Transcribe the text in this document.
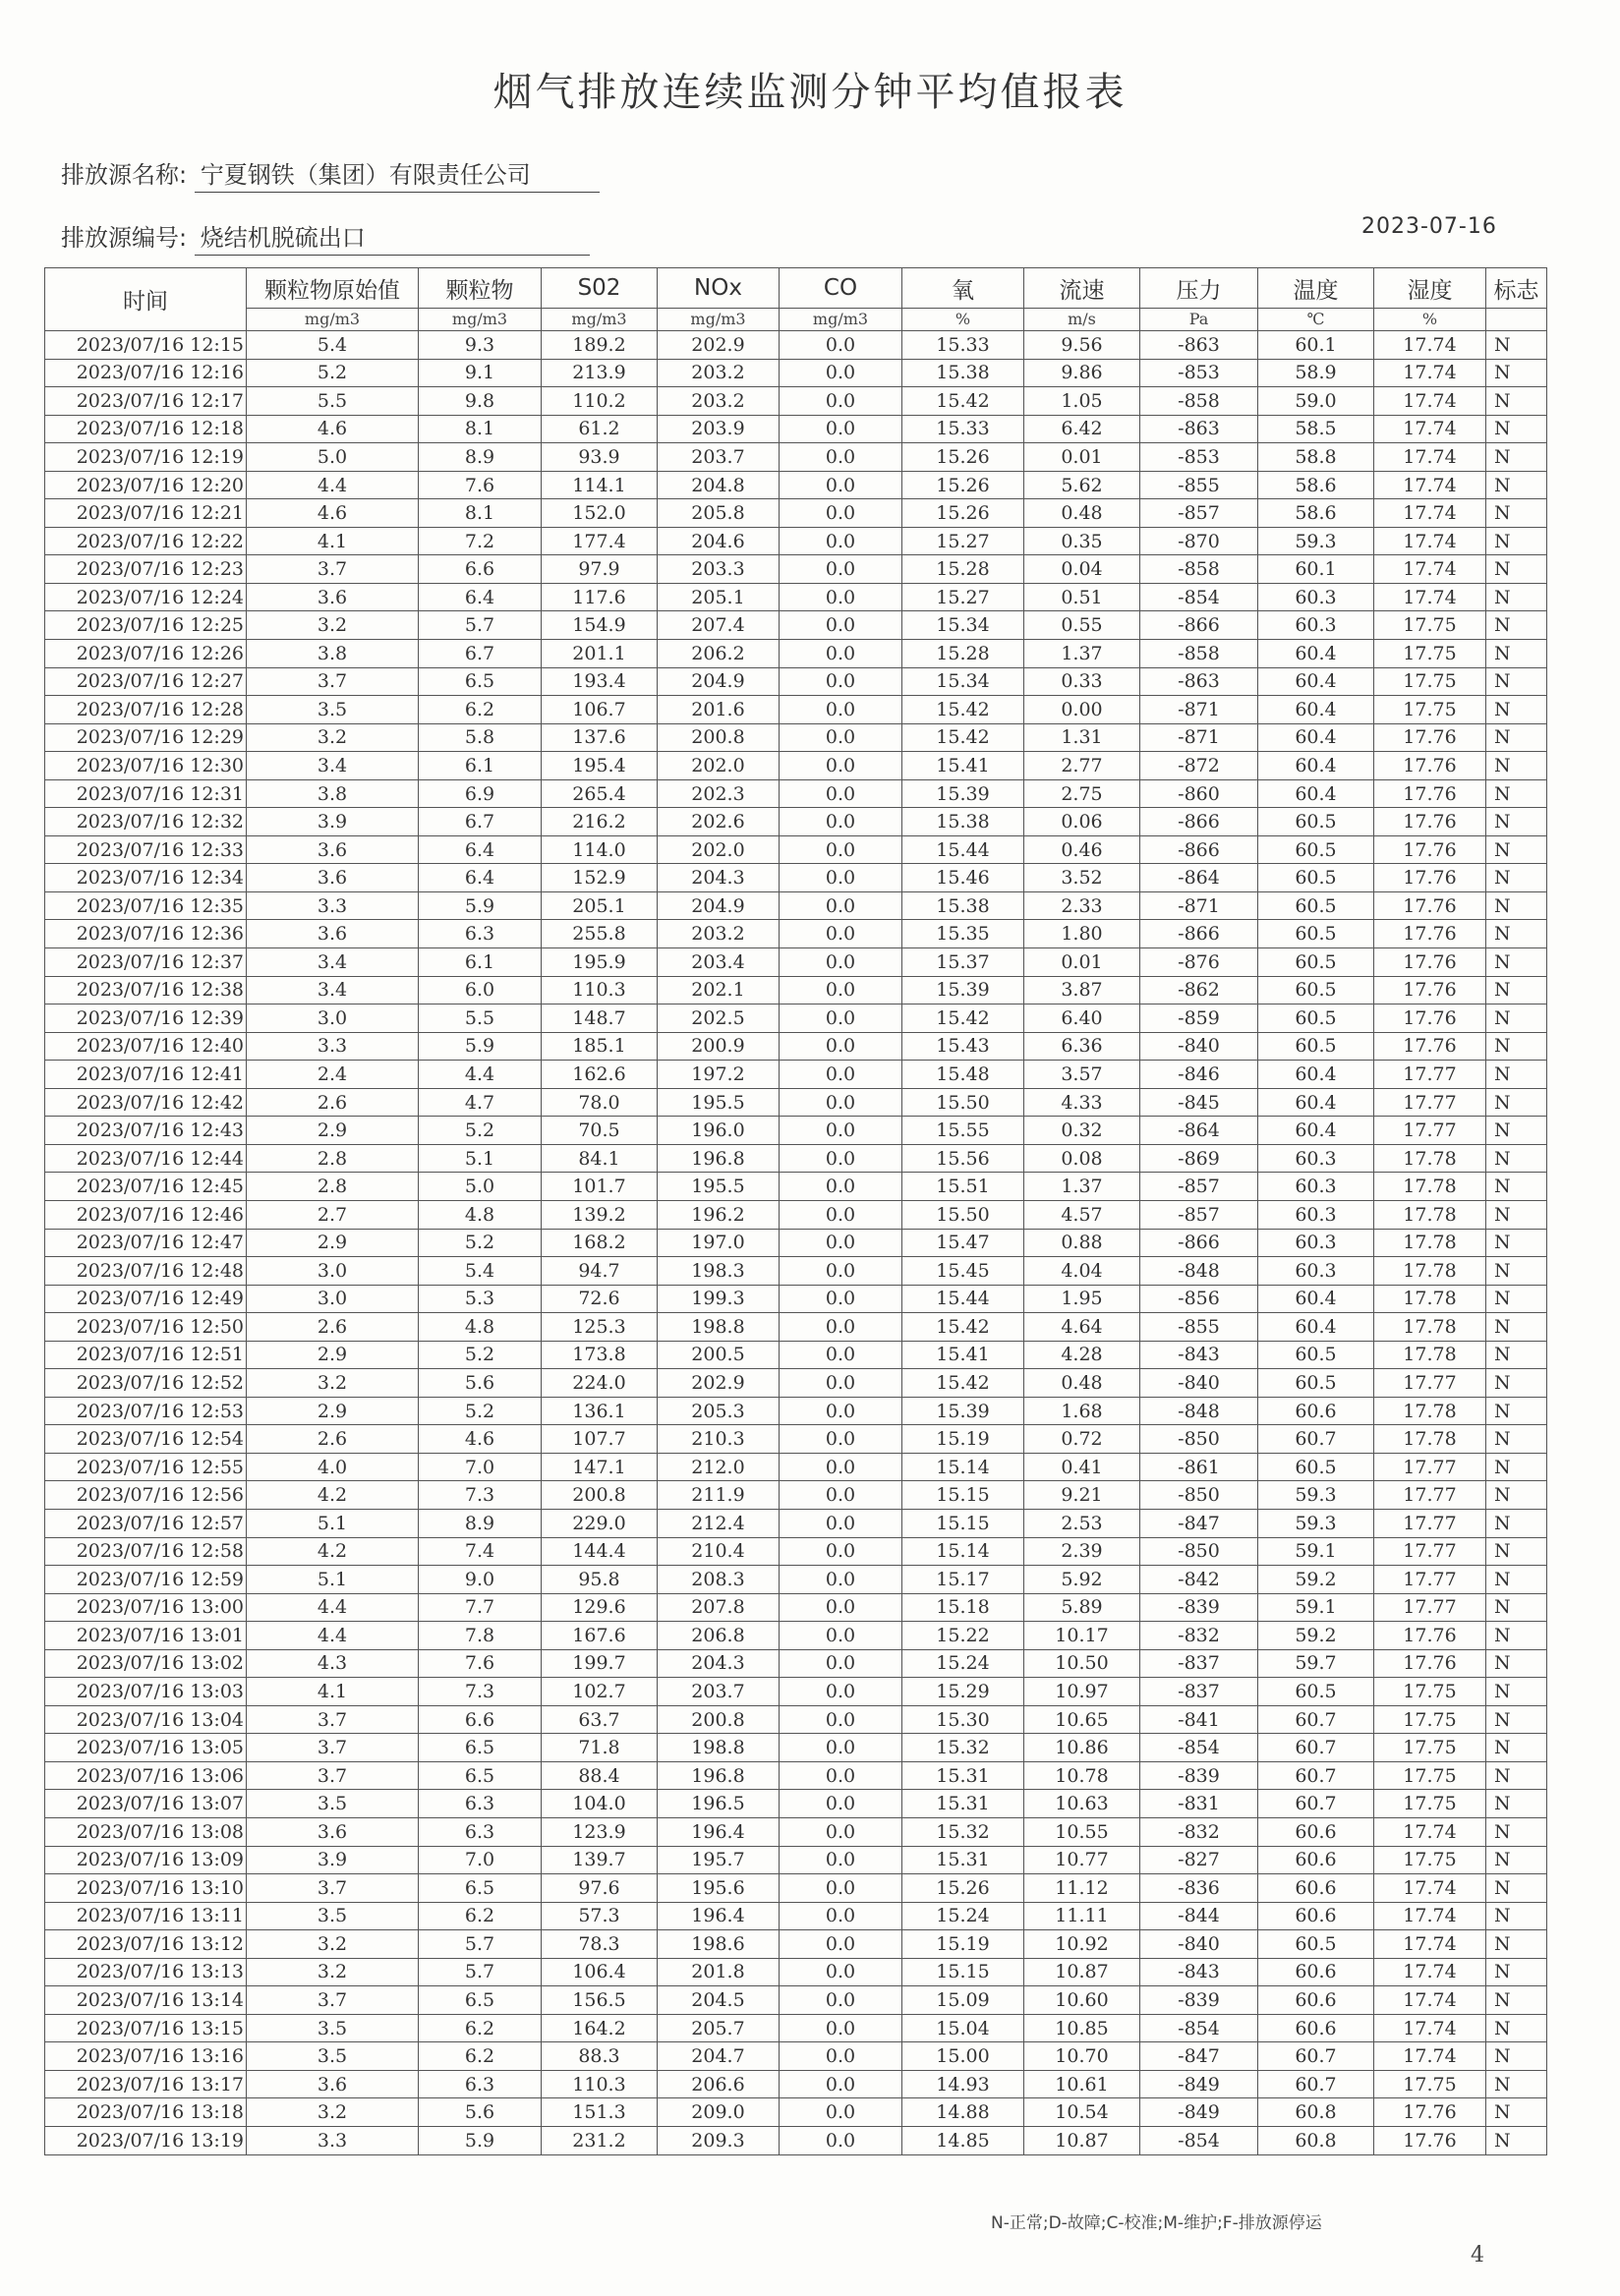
烟气排放连续监测分钟平均值报表
排放源名称: 宁夏钢铁（集团）有限责任公司
排放源编号: 烧结机脱硫出口	2023-07-16
时间	颗粒物原始值	颗粒物	S02	NOx	CO	氧	流速	压力	温度	湿度	标志
	mg/m3	mg/m3	mg/m3	mg/m3	mg/m3	%	m/s	Pa	℃	%	
2023/07/16 12:15	5.4	9.3	189.2	202.9	0.0	15.33	9.56	-863	60.1	17.74	N
2023/07/16 12:16	5.2	9.1	213.9	203.2	0.0	15.38	9.86	-853	58.9	17.74	N
2023/07/16 12:17	5.5	9.8	110.2	203.2	0.0	15.42	1.05	-858	59.0	17.74	N
2023/07/16 12:18	4.6	8.1	61.2	203.9	0.0	15.33	6.42	-863	58.5	17.74	N
2023/07/16 12:19	5.0	8.9	93.9	203.7	0.0	15.26	0.01	-853	58.8	17.74	N
2023/07/16 12:20	4.4	7.6	114.1	204.8	0.0	15.26	5.62	-855	58.6	17.74	N
2023/07/16 12:21	4.6	8.1	152.0	205.8	0.0	15.26	0.48	-857	58.6	17.74	N
2023/07/16 12:22	4.1	7.2	177.4	204.6	0.0	15.27	0.35	-870	59.3	17.74	N
2023/07/16 12:23	3.7	6.6	97.9	203.3	0.0	15.28	0.04	-858	60.1	17.74	N
2023/07/16 12:24	3.6	6.4	117.6	205.1	0.0	15.27	0.51	-854	60.3	17.74	N
2023/07/16 12:25	3.2	5.7	154.9	207.4	0.0	15.34	0.55	-866	60.3	17.75	N
2023/07/16 12:26	3.8	6.7	201.1	206.2	0.0	15.28	1.37	-858	60.4	17.75	N
2023/07/16 12:27	3.7	6.5	193.4	204.9	0.0	15.34	0.33	-863	60.4	17.75	N
2023/07/16 12:28	3.5	6.2	106.7	201.6	0.0	15.42	0.00	-871	60.4	17.75	N
2023/07/16 12:29	3.2	5.8	137.6	200.8	0.0	15.42	1.31	-871	60.4	17.76	N
2023/07/16 12:30	3.4	6.1	195.4	202.0	0.0	15.41	2.77	-872	60.4	17.76	N
2023/07/16 12:31	3.8	6.9	265.4	202.3	0.0	15.39	2.75	-860	60.4	17.76	N
2023/07/16 12:32	3.9	6.7	216.2	202.6	0.0	15.38	0.06	-866	60.5	17.76	N
2023/07/16 12:33	3.6	6.4	114.0	202.0	0.0	15.44	0.46	-866	60.5	17.76	N
2023/07/16 12:34	3.6	6.4	152.9	204.3	0.0	15.46	3.52	-864	60.5	17.76	N
2023/07/16 12:35	3.3	5.9	205.1	204.9	0.0	15.38	2.33	-871	60.5	17.76	N
2023/07/16 12:36	3.6	6.3	255.8	203.2	0.0	15.35	1.80	-866	60.5	17.76	N
2023/07/16 12:37	3.4	6.1	195.9	203.4	0.0	15.37	0.01	-876	60.5	17.76	N
2023/07/16 12:38	3.4	6.0	110.3	202.1	0.0	15.39	3.87	-862	60.5	17.76	N
2023/07/16 12:39	3.0	5.5	148.7	202.5	0.0	15.42	6.40	-859	60.5	17.76	N
2023/07/16 12:40	3.3	5.9	185.1	200.9	0.0	15.43	6.36	-840	60.5	17.76	N
2023/07/16 12:41	2.4	4.4	162.6	197.2	0.0	15.48	3.57	-846	60.4	17.77	N
2023/07/16 12:42	2.6	4.7	78.0	195.5	0.0	15.50	4.33	-845	60.4	17.77	N
2023/07/16 12:43	2.9	5.2	70.5	196.0	0.0	15.55	0.32	-864	60.4	17.77	N
2023/07/16 12:44	2.8	5.1	84.1	196.8	0.0	15.56	0.08	-869	60.3	17.78	N
2023/07/16 12:45	2.8	5.0	101.7	195.5	0.0	15.51	1.37	-857	60.3	17.78	N
2023/07/16 12:46	2.7	4.8	139.2	196.2	0.0	15.50	4.57	-857	60.3	17.78	N
2023/07/16 12:47	2.9	5.2	168.2	197.0	0.0	15.47	0.88	-866	60.3	17.78	N
2023/07/16 12:48	3.0	5.4	94.7	198.3	0.0	15.45	4.04	-848	60.3	17.78	N
2023/07/16 12:49	3.0	5.3	72.6	199.3	0.0	15.44	1.95	-856	60.4	17.78	N
2023/07/16 12:50	2.6	4.8	125.3	198.8	0.0	15.42	4.64	-855	60.4	17.78	N
2023/07/16 12:51	2.9	5.2	173.8	200.5	0.0	15.41	4.28	-843	60.5	17.78	N
2023/07/16 12:52	3.2	5.6	224.0	202.9	0.0	15.42	0.48	-840	60.5	17.77	N
2023/07/16 12:53	2.9	5.2	136.1	205.3	0.0	15.39	1.68	-848	60.6	17.78	N
2023/07/16 12:54	2.6	4.6	107.7	210.3	0.0	15.19	0.72	-850	60.7	17.78	N
2023/07/16 12:55	4.0	7.0	147.1	212.0	0.0	15.14	0.41	-861	60.5	17.77	N
2023/07/16 12:56	4.2	7.3	200.8	211.9	0.0	15.15	9.21	-850	59.3	17.77	N
2023/07/16 12:57	5.1	8.9	229.0	212.4	0.0	15.15	2.53	-847	59.3	17.77	N
2023/07/16 12:58	4.2	7.4	144.4	210.4	0.0	15.14	2.39	-850	59.1	17.77	N
2023/07/16 12:59	5.1	9.0	95.8	208.3	0.0	15.17	5.92	-842	59.2	17.77	N
2023/07/16 13:00	4.4	7.7	129.6	207.8	0.0	15.18	5.89	-839	59.1	17.77	N
2023/07/16 13:01	4.4	7.8	167.6	206.8	0.0	15.22	10.17	-832	59.2	17.76	N
2023/07/16 13:02	4.3	7.6	199.7	204.3	0.0	15.24	10.50	-837	59.7	17.76	N
2023/07/16 13:03	4.1	7.3	102.7	203.7	0.0	15.29	10.97	-837	60.5	17.75	N
2023/07/16 13:04	3.7	6.6	63.7	200.8	0.0	15.30	10.65	-841	60.7	17.75	N
2023/07/16 13:05	3.7	6.5	71.8	198.8	0.0	15.32	10.86	-854	60.7	17.75	N
2023/07/16 13:06	3.7	6.5	88.4	196.8	0.0	15.31	10.78	-839	60.7	17.75	N
2023/07/16 13:07	3.5	6.3	104.0	196.5	0.0	15.31	10.63	-831	60.7	17.75	N
2023/07/16 13:08	3.6	6.3	123.9	196.4	0.0	15.32	10.55	-832	60.6	17.74	N
2023/07/16 13:09	3.9	7.0	139.7	195.7	0.0	15.31	10.77	-827	60.6	17.75	N
2023/07/16 13:10	3.7	6.5	97.6	195.6	0.0	15.26	11.12	-836	60.6	17.74	N
2023/07/16 13:11	3.5	6.2	57.3	196.4	0.0	15.24	11.11	-844	60.6	17.74	N
2023/07/16 13:12	3.2	5.7	78.3	198.6	0.0	15.19	10.92	-840	60.5	17.74	N
2023/07/16 13:13	3.2	5.7	106.4	201.8	0.0	15.15	10.87	-843	60.6	17.74	N
2023/07/16 13:14	3.7	6.5	156.5	204.5	0.0	15.09	10.60	-839	60.6	17.74	N
2023/07/16 13:15	3.5	6.2	164.2	205.7	0.0	15.04	10.85	-854	60.6	17.74	N
2023/07/16 13:16	3.5	6.2	88.3	204.7	0.0	15.00	10.70	-847	60.7	17.74	N
2023/07/16 13:17	3.6	6.3	110.3	206.6	0.0	14.93	10.61	-849	60.7	17.75	N
2023/07/16 13:18	3.2	5.6	151.3	209.0	0.0	14.88	10.54	-849	60.8	17.76	N
2023/07/16 13:19	3.3	5.9	231.2	209.3	0.0	14.85	10.87	-854	60.8	17.76	N
N-正常;D-故障;C-校准;M-维护;F-排放源停运
4
